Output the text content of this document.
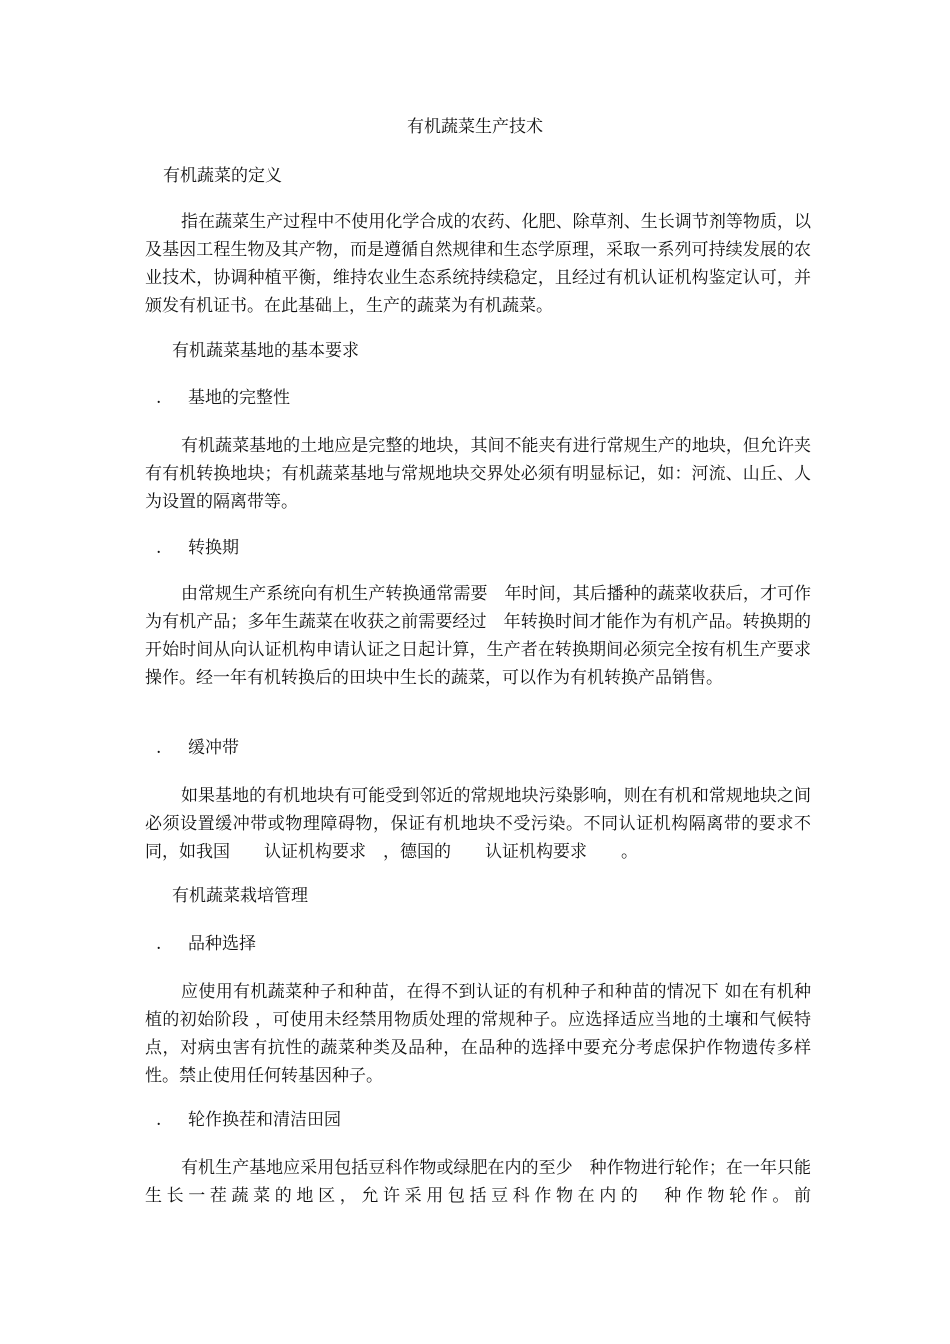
有机蔬菜生产技术
有机蔬菜的定义

指在蔬菜生产过程中不使用化学合成的农药、化肥、除草剂、生长调节剂等物质，以及基因工程生物及其产物，而是遵循自然规律和生态学原理，采取一系列可持续发展的农业技术，协调种植平衡，维持农业生态系统持续稳定，且经过有机认证机构鉴定认可，并颁发有机证书。在此基础上，生产的蔬菜为有机蔬菜。

有机蔬菜基地的基本要求
. 基地的完整性

有机蔬菜基地的土地应是完整的地块，其间不能夹有进行常规生产的地块，但允许夹有有机转换地块；有机蔬菜基地与常规地块交界处必须有明显标记，如：河流、山丘、人为设置的隔离带等。

. 转换期

由常规生产系统向有机生产转换通常需要　年时间，其后播种的蔬菜收获后，才可作为有机产品；多年生蔬菜在收获之前需要经过　年转换时间才能作为有机产品。转换期的开始时间从向认证机构申请认证之日起计算，生产者在转换期间必须完全按有机生产要求操作。经一年有机转换后的田块中生长的蔬菜，可以作为有机转换产品销售。

. 缓冲带

如果基地的有机地块有可能受到邻近的常规地块污染影响，则在有机和常规地块之间必须设置缓冲带或物理障碍物，保证有机地块不受污染。不同认证机构隔离带的要求不同，如我国　　认证机构要求　，德国的　　认证机构要求　　。

有机蔬菜栽培管理
. 品种选择

应使用有机蔬菜种子和种苗，在得不到认证的有机种子和种苗的情况下 如在有机种植的初始阶段 ，可使用未经禁用物质处理的常规种子。应选择适应当地的土壤和气候特点，对病虫害有抗性的蔬菜种类及品种，在品种的选择中要充分考虑保护作物遗传多样性。禁止使用任何转基因种子。

. 轮作换茬和清洁田园

有机生产基地应采用包括豆科作物或绿肥在内的至少　种作物进行轮作；在一年只能生长一茬蔬菜的地区，允许采用包括豆科作物在内的　种作物轮作。前
